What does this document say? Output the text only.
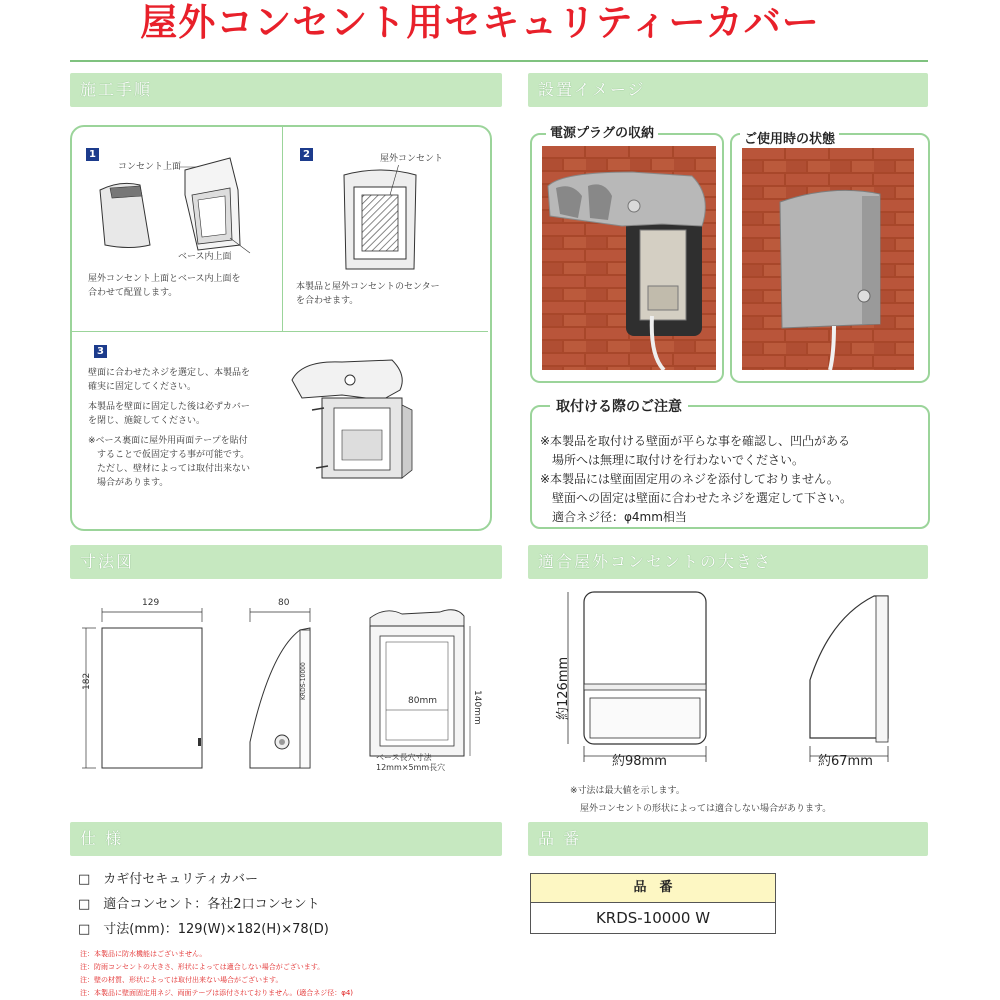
屋外コンセント用セキュリティーカバー
施工手順	設置イメージ
寸法図	適合屋外コンセントの大きさ
仕 様	品 番
1
コンセント上面
ベース内上面
屋外コンセント上面とベース内上面を
合わせて配置します。
2	屋外コンセント
本製品と屋外コンセントのセンター
を合わせます。
3
壁面に合わせたネジを選定し、本製品を
確実に固定してください。
本製品を壁面に固定した後は必ずカバー
を閉じ、施錠してください。
※ベース裏面に屋外用両面テープを貼付
　することで仮固定する事が可能です。
　ただし、壁材によっては取付出来ない
　場合があります。
電源プラグの収納	ご使用時の状態
取付ける際のご注意
※本製品を取付ける壁面が平らな事を確認し、凹凸がある
　場所へは無理に取付けを行わないでください。
※本製品には壁面固定用のネジを添付しておりません。
　壁面への固定は壁面に合わせたネジを選定して下さい。
　適合ネジ径：φ4mm相当
129
182
80
KRDS-10000
140mm
80mm
ベース長穴寸法
12mm×5mm長穴
約126mm
約98mm	約67mm
※寸法は最大値を示します。
屋外コンセントの形状によっては適合しない場合があります。
□　カギ付セキュリティカバー
□　適合コンセント：各社2口コンセント
□　寸法(mm)：129(W)×182(H)×78(D)
注：本製品に防水機能はございません。
注：防雨コンセントの大きさ、形状によっては適合しない場合がございます。
注：壁の材質、形状によっては取付出来ない場合がございます。
注：本製品に壁面固定用ネジ、両面テープは添付されておりません。(適合ネジ径：φ4)
品　番
KRDS-10000 W
